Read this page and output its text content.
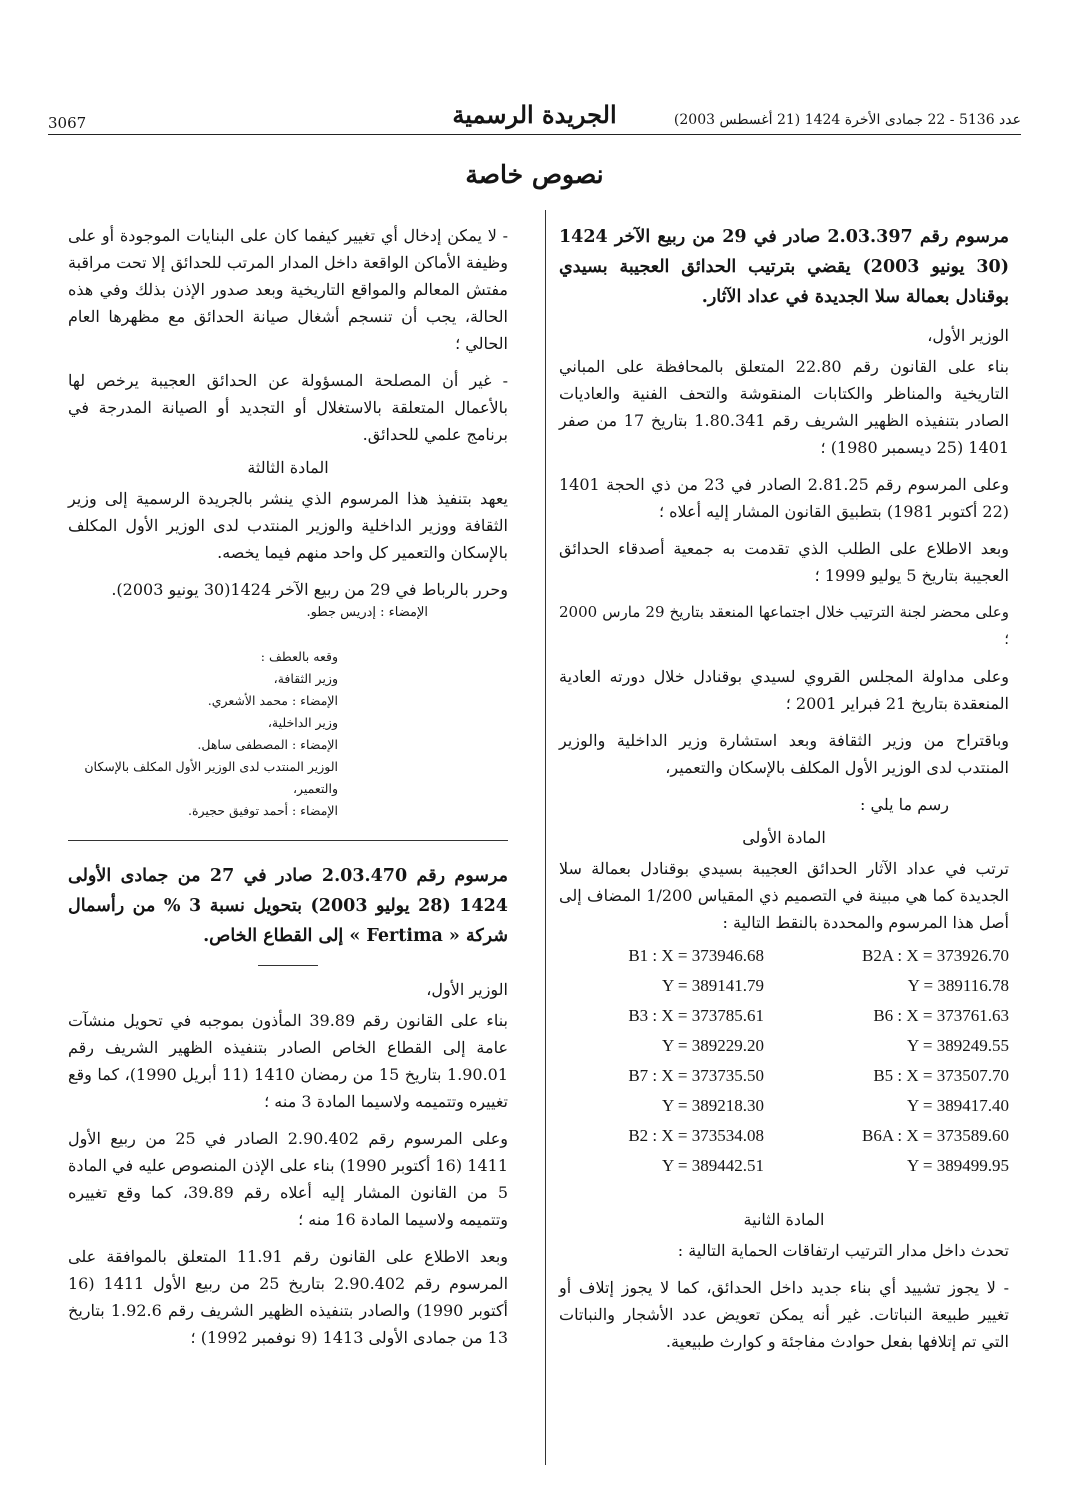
3067	الجريدة الرسمية	عدد 5136 - 22 جمادى الأخرة 1424 (21 أغسطس 2003)
نصوص خاصة
مرسوم رقم 2.03.397 صادر في 29 من ربيع الآخر 1424 (30 يونيو 2003) يقضي بترتيب الحدائق العجيبة بسيدي بوقنادل بعمالة سلا الجديدة في عداد الآثار.
الوزير الأول،

بناء على القانون رقم 22.80 المتعلق بالمحافظة على المباني التاريخية والمناظر والكتابات المنقوشة والتحف الفنية والعاديات الصادر بتنفيذه الظهير الشريف رقم 1.80.341 بتاريخ 17 من صفر 1401 (25 ديسمبر 1980) ؛

وعلى المرسوم رقم 2.81.25 الصادر في 23 من ذي الحجة 1401 (22 أكتوبر 1981) بتطبيق القانون المشار إليه أعلاه ؛

وبعد الاطلاع على الطلب الذي تقدمت به جمعية أصدقاء الحدائق العجيبة بتاريخ 5 يوليو 1999 ؛

وعلى محضر لجنة الترتيب خلال اجتماعها المنعقد بتاريخ 29 مارس 2000 ؛

وعلى مداولة المجلس القروي لسيدي بوقنادل خلال دورته العادية المنعقدة بتاريخ 21 فبراير 2001 ؛

وباقتراح من وزير الثقافة وبعد استشارة وزير الداخلية والوزير المنتدب لدى الوزير الأول المكلف بالإسكان والتعمير،

رسم ما يلي :

المادة الأولى

ترتب في عداد الآثار الحدائق العجيبة بسيدي بوقنادل بعمالة سلا الجديدة كما هي مبينة في التصميم ذي المقياس 1/200 المضاف إلى أصل هذا المرسوم والمحددة بالنقط التالية :

B1 : X = 373946.68	B2A : X = 373926.70
Y = 389141.79	Y = 389116.78
B3 : X = 373785.61	B6 : X = 373761.63
Y = 389229.20	Y = 389249.55
B7 : X = 373735.50	B5 : X = 373507.70
Y = 389218.30	Y = 389417.40
B2 : X = 373534.08	B6A : X = 373589.60
Y = 389442.51	Y = 389499.95
المادة الثانية

تحدث داخل مدار الترتيب ارتفاقات الحماية التالية :

- لا يجوز تشييد أي بناء جديد داخل الحدائق، كما لا يجوز إتلاف أو تغيير طبيعة النباتات. غير أنه يمكن تعويض عدد الأشجار والنباتات التي تم إتلافها بفعل حوادث مفاجئة و كوارث طبيعية.

- لا يمكن إدخال أي تغيير كيفما كان على البنايات الموجودة أو على وظيفة الأماكن الواقعة داخل المدار المرتب للحدائق إلا تحت مراقبة مفتش المعالم والمواقع التاريخية وبعد صدور الإذن بذلك وفي هذه الحالة، يجب أن تنسجم أشغال صيانة الحدائق مع مظهرها العام الحالي ؛

- غير أن المصلحة المسؤولة عن الحدائق العجيبة يرخص لها بالأعمال المتعلقة بالاستغلال أو التجديد أو الصيانة المدرجة في برنامج علمي للحدائق.

المادة الثالثة

يعهد بتنفيذ هذا المرسوم الذي ينشر بالجريدة الرسمية إلى وزير الثقافة ووزير الداخلية والوزير المنتدب لدى الوزير الأول المكلف بالإسكان والتعمير كل واحد منهم فيما يخصه.

وحرر بالرباط في 29 من ربيع الآخر 1424(30 يونيو 2003).

الإمضاء : إدريس جطو.
وقعه بالعطف :
وزير الثقافة،
الإمضاء : محمد الأشعري.
وزير الداخلية،
الإمضاء : المصطفى ساهل.
الوزير المنتدب لدى الوزير الأول المكلف بالإسكان والتعمير،
الإمضاء : أحمد توفيق حجيرة.
مرسوم رقم 2.03.470 صادر في 27 من جمادى الأولى 1424 (28 يوليو 2003) بتحويل نسبة 3 % من رأسمال شركة « Fertima » إلى القطاع الخاص.
الوزير الأول،

بناء على القانون رقم 39.89 المأذون بموجبه في تحويل منشآت عامة إلى القطاع الخاص الصادر بتنفيذه الظهير الشريف رقم 1.90.01 بتاريخ 15 من رمضان 1410 (11 أبريل 1990)، كما وقع تغييره وتتميمه ولاسيما المادة 3 منه ؛

وعلى المرسوم رقم 2.90.402 الصادر في 25 من ربيع الأول 1411 (16 أكتوبر 1990) بناء على الإذن المنصوص عليه في المادة 5 من القانون المشار إليه أعلاه رقم 39.89، كما وقع تغييره وتتميمه ولاسيما المادة 16 منه ؛

وبعد الاطلاع على القانون رقم 11.91 المتعلق بالموافقة على المرسوم رقم 2.90.402 بتاريخ 25 من ربيع الأول 1411 (16 أكتوبر 1990) والصادر بتنفيذه الظهير الشريف رقم 1.92.6 بتاريخ 13 من جمادى الأولى 1413 (9 نوفمبر 1992) ؛
